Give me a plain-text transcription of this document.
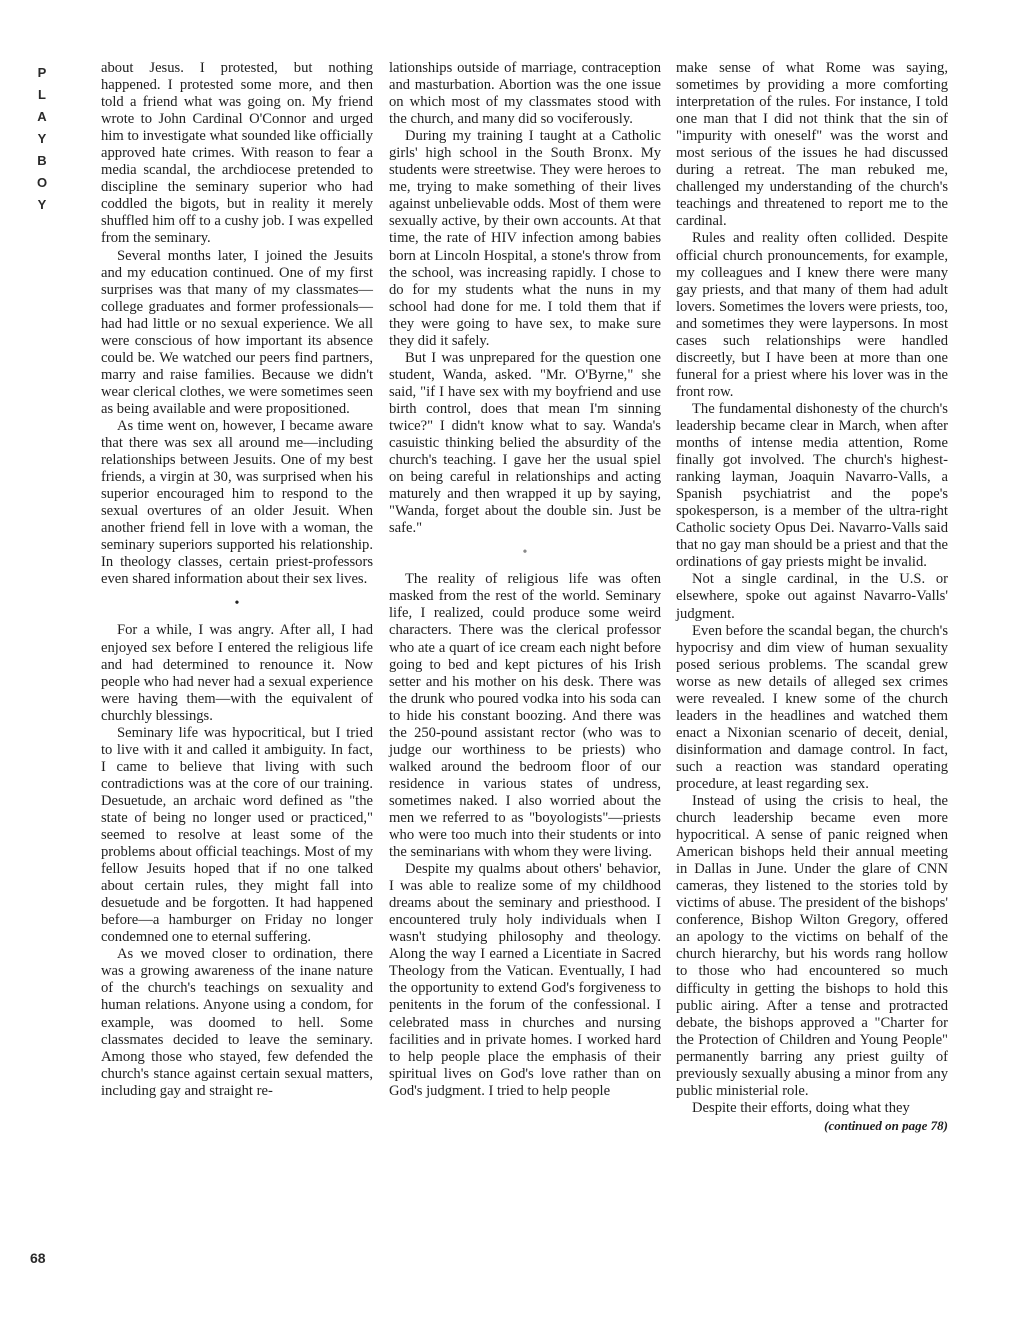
P
L
A
Y
B
O
Y

about Jesus. I protested, but nothing happened. I protested some more, and then told a friend what was going on. My friend wrote to John Cardinal O'Connor and urged him to investigate what sounded like officially approved hate crimes. With reason to fear a media scandal, the archdiocese pretended to discipline the seminary superior who had coddled the bigots, but in reality it merely shuffled him off to a cushy job. I was expelled from the seminary.

Several months later, I joined the Jesuits and my education continued. One of my first surprises was that many of my classmates—college graduates and former professionals—had had little or no sexual experience. We all were conscious of how important its absence could be. We watched our peers find partners, marry and raise families. Because we didn't wear clerical clothes, we were sometimes seen as being available and were propositioned.

As time went on, however, I became aware that there was sex all around me—including relationships between Jesuits. One of my best friends, a virgin at 30, was surprised when his superior encouraged him to respond to the sexual overtures of an older Jesuit. When another friend fell in love with a woman, the seminary superiors supported his relationship. In theology classes, certain priest-professors even shared information about their sex lives.

•

For a while, I was angry. After all, I had enjoyed sex before I entered the religious life and had determined to renounce it. Now people who had never had a sexual experience were having them—with the equivalent of churchly blessings.

Seminary life was hypocritical, but I tried to live with it and called it ambiguity. In fact, I came to believe that living with such contradictions was at the core of our training. Desuetude, an archaic word defined as "the state of being no longer used or practiced," seemed to resolve at least some of the problems about official teachings. Most of my fellow Jesuits hoped that if no one talked about certain rules, they might fall into desuetude and be forgotten. It had happened before—a hamburger on Friday no longer condemned one to eternal suffering.

As we moved closer to ordination, there was a growing awareness of the inane nature of the church's teachings on sexuality and human relations. Anyone using a condom, for example, was doomed to hell. Some classmates decided to leave the seminary. Among those who stayed, few defended the church's stance against certain sexual matters, including gay and straight re-

lationships outside of marriage, contraception and masturbation. Abortion was the one issue on which most of my classmates stood with the church, and many did so vociferously.

During my training I taught at a Catholic girls' high school in the South Bronx. My students were streetwise. They were heroes to me, trying to make something of their lives against unbelievable odds. Most of them were sexually active, by their own accounts. At that time, the rate of HIV infection among babies born at Lincoln Hospital, a stone's throw from the school, was increasing rapidly. I chose to do for my students what the nuns in my school had done for me. I told them that if they were going to have sex, to make sure they did it safely.

But I was unprepared for the question one student, Wanda, asked. "Mr. O'Byrne," she said, "if I have sex with my boyfriend and use birth control, does that mean I'm sinning twice?" I didn't know what to say. Wanda's casuistic thinking belied the absurdity of the church's teaching. I gave her the usual spiel on being careful in relationships and acting maturely and then wrapped it up by saying, "Wanda, forget about the double sin. Just be safe."

•

The reality of religious life was often masked from the rest of the world. Seminary life, I realized, could produce some weird characters. There was the clerical professor who ate a quart of ice cream each night before going to bed and kept pictures of his Irish setter and his mother on his desk. There was the drunk who poured vodka into his soda can to hide his constant boozing. And there was the 250-pound assistant rector (who was to judge our worthiness to be priests) who walked around the bedroom floor of our residence in various states of undress, sometimes naked. I also worried about the men we referred to as "boyologists"—priests who were too much into their students or into the seminarians with whom they were living.

Despite my qualms about others' behavior, I was able to realize some of my childhood dreams about the seminary and priesthood. I encountered truly holy individuals when I wasn't studying philosophy and theology. Along the way I earned a Licentiate in Sacred Theology from the Vatican. Eventually, I had the opportunity to extend God's forgiveness to penitents in the forum of the confessional. I celebrated mass in churches and nursing facilities and in private homes. I worked hard to help people place the emphasis of their spiritual lives on God's love rather than on God's judgment. I tried to help people

make sense of what Rome was saying, sometimes by providing a more comforting interpretation of the rules. For instance, I told one man that I did not think that the sin of "impurity with oneself" was the worst and most serious of the issues he had discussed during a retreat. The man rebuked me, challenged my understanding of the church's teachings and threatened to report me to the cardinal.

Rules and reality often collided. Despite official church pronouncements, for example, my colleagues and I knew there were many gay priests, and that many of them had adult lovers. Sometimes the lovers were priests, too, and sometimes they were laypersons. In most cases such relationships were handled discreetly, but I have been at more than one funeral for a priest where his lover was in the front row.

The fundamental dishonesty of the church's leadership became clear in March, when after months of intense media attention, Rome finally got involved. The church's highest-ranking layman, Joaquin Navarro-Valls, a Spanish psychiatrist and the pope's spokesperson, is a member of the ultra-right Catholic society Opus Dei. Navarro-Valls said that no gay man should be a priest and that the ordinations of gay priests might be invalid.

Not a single cardinal, in the U.S. or elsewhere, spoke out against Navarro-Valls' judgment.

Even before the scandal began, the church's hypocrisy and dim view of human sexuality posed serious problems. The scandal grew worse as new details of alleged sex crimes were revealed. I knew some of the church leaders in the headlines and watched them enact a Nixonian scenario of deceit, denial, disinformation and damage control. In fact, such a reaction was standard operating procedure, at least regarding sex.

Instead of using the crisis to heal, the church leadership became even more hypocritical. A sense of panic reigned when American bishops held their annual meeting in Dallas in June. Under the glare of CNN cameras, they listened to the stories told by victims of abuse. The president of the bishops' conference, Bishop Wilton Gregory, offered an apology to the victims on behalf of the church hierarchy, but his words rang hollow to those who had encountered so much difficulty in getting the bishops to hold this public airing. After a tense and protracted debate, the bishops approved a "Charter for the Protection of Children and Young People" permanently barring any priest guilty of previously sexually abusing a minor from any public ministerial role.

Despite their efforts, doing what they

(continued on page 78)
68
